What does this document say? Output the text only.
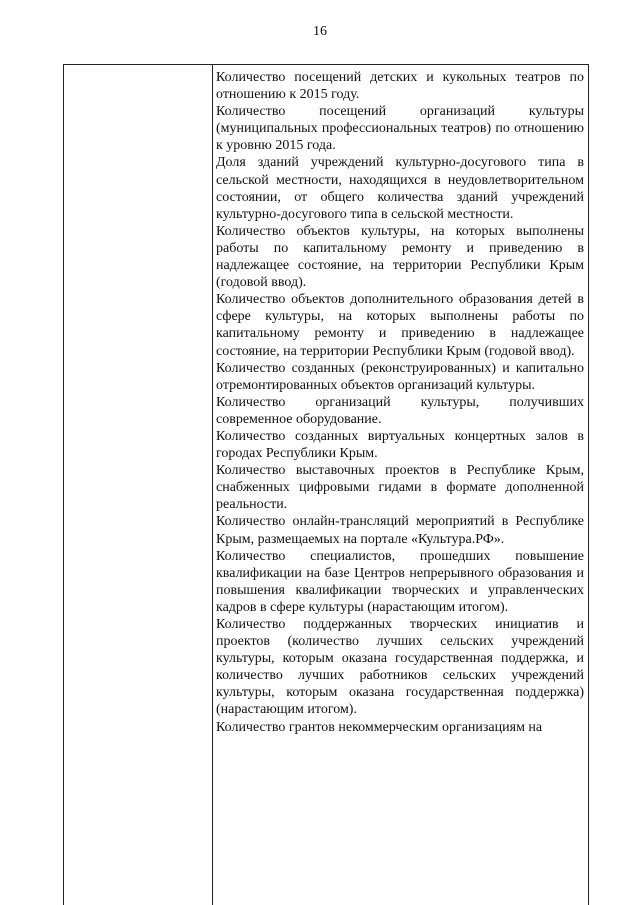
16

Количество посещений детских и кукольных театров по отношению к 2015 году.

Количество посещений организаций культуры (муниципальных профессиональных театров) по отношению к уровню 2015 года.

Доля зданий учреждений культурно-досугового типа в сельской местности, находящихся в неудовлетворительном состоянии, от общего количества зданий учреждений культурно-досугового типа в сельской местности.

Количество объектов культуры, на которых выполнены работы по капитальному ремонту и приведению в надлежащее состояние, на территории Республики Крым (годовой ввод).

Количество объектов дополнительного образования детей в сфере культуры, на которых выполнены работы по капитальному ремонту и приведению в надлежащее состояние, на территории Республики Крым (годовой ввод).

Количество созданных (реконструированных) и капитально отремонтированных объектов организаций культуры.

Количество организаций культуры, получивших современное оборудование.

Количество созданных виртуальных концертных залов в городах Республики Крым.

Количество выставочных проектов в Республике Крым, снабженных цифровыми гидами в формате дополненной реальности.

Количество онлайн-трансляций мероприятий в Республике Крым, размещаемых на портале «Культура.РФ».

Количество специалистов, прошедших повышение квалификации на базе Центров непрерывного образования и повышения квалификации творческих и управленческих кадров в сфере культуры (нарастающим итогом).

Количество поддержанных творческих инициатив и проектов (количество лучших сельских учреждений культуры, которым оказана государственная поддержка, и количество лучших работников сельских учреждений культуры, которым оказана государственная поддержка) (нарастающим итогом).

Количество грантов некоммерческим организациям на
